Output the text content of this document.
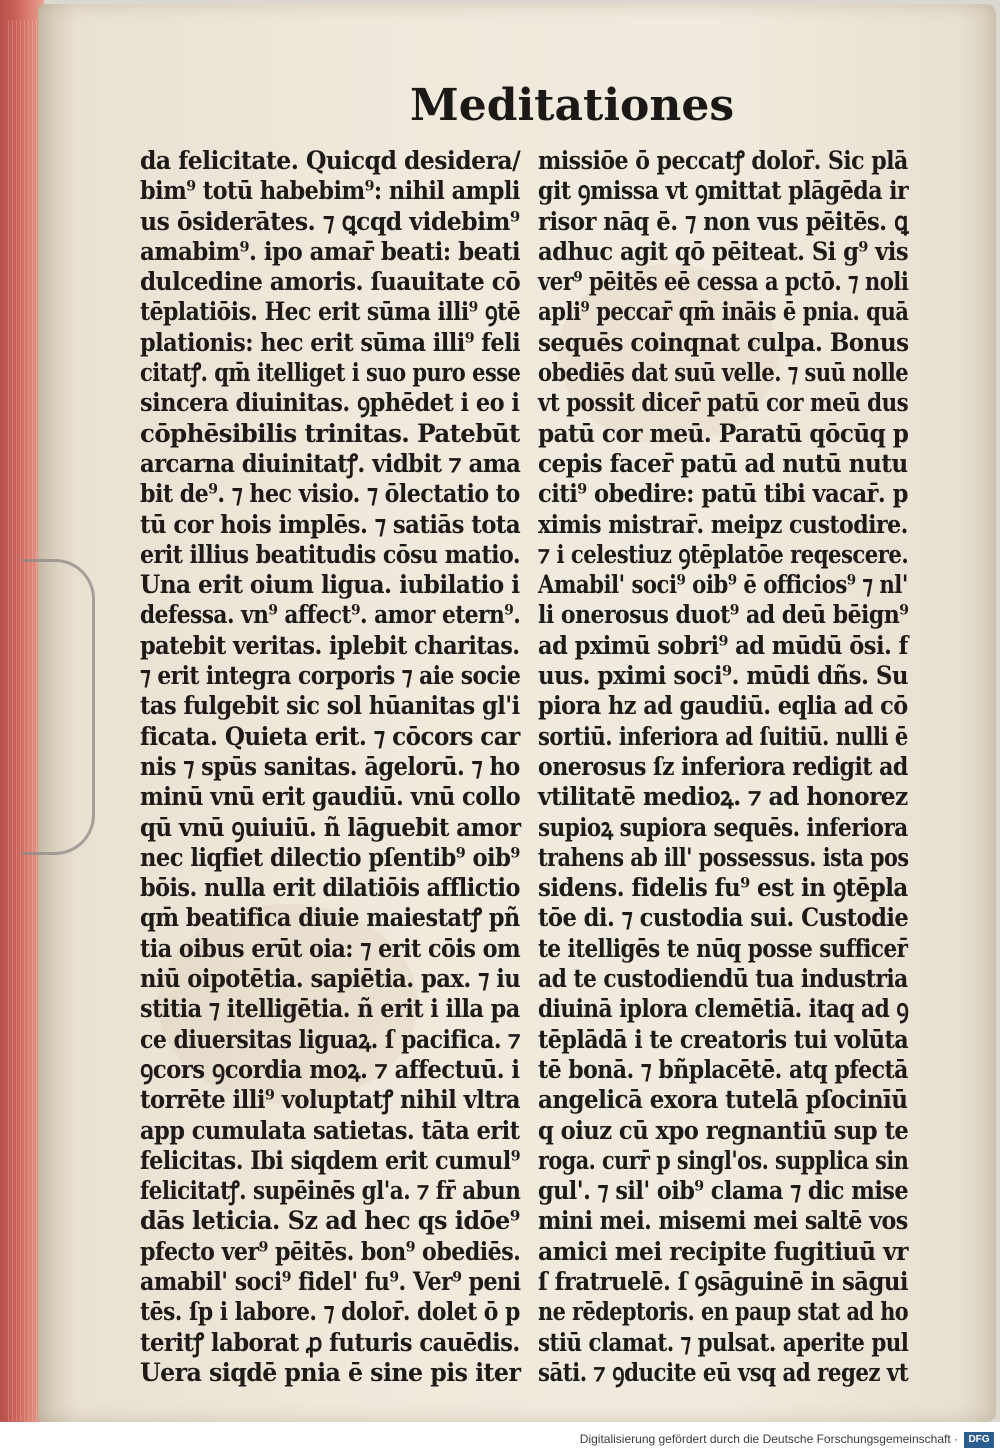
Meditationes
da felicitate. Quicqd desidera/
bim⁹ totū habebim⁹: nihil ampli
us ōsiderātes. ⁊ ꝗcqd videbim⁹
amabim⁹. ipo amar̄ beati: beati
dulcedine amoris. ſuauitate cō
tēplatiōis. Hec erit sūma illi⁹ ꝯtē
plationis: hec erit sūma illi⁹ feli
citatꝭ. qm̄ itelliget i suo puro esse
sincera diuinitas. ꝯphēdet i eo i
cōphēsibilis trinitas. Patebūt
arcarna diuinitatꝭ. vidbit ⁊ ama
bit de⁹. ⁊ hec visio. ⁊ ōlectatio to
tū cor hois implēs. ⁊ satiās tota
erit illius beatitudis cōsu matio.
Una erit oium ligua. iubilatio i
defessa. vn⁹ affect⁹. amor etern⁹.
patebit veritas. iplebit charitas.
⁊ erit integra corporis ⁊ aie socie
tas fulgebit sic sol hūanitas gl'i
ficata. Quieta erit. ⁊ cōcors car
nis ⁊ spūs sanitas. āgelorū. ⁊ ho
minū vnū erit gaudiū. vnū collo
qū vnū ꝯuiuiū. ñ lāguebit amor
nec liqfiet dilectio pſentib⁹ oib⁹
bōis. nulla erit dilatiōis afflictio
qm̄ beatifica diuie maiestatꝭ pñ
tia oibus erūt oia: ⁊ erit cōis om
niū oipotētia. sapiētia. pax. ⁊ iu
stitia ⁊ itelligētia. ñ erit i illa pa
ce diuersitas liguaꝝ. ſ pacifica. ⁊
ꝯcors ꝯcordia moꝝ. ⁊ affectuū. i
torrēte illi⁹ voluptatꝭ nihil vltra
app cumulata satietas. tāta erit
felicitas. Ibi siqdem erit cumul⁹
felicitatꝭ. supēinēs gl'a. ⁊ fr̄ abun
dās leticia. Sz ad hec qs idōe⁹
pfecto ver⁹ pēitēs. bon⁹ obediēs.
amabil' soci⁹ fidel' fu⁹. Ver⁹ peni
tēs. ſp i labore. ⁊ dolor̄. dolet ō p
teritꝭ laborat ꝓ futuris cauēdis.
Uera siqdē pnia ē sine pis iter
missiōe ō peccatꝭ dolor̄. Sic plā
git ꝯmissa vt ꝯmittat plāgēda ir
risor nāq ē. ⁊ non vus pēitēs. ꝗ
adhuc agit qō pēiteat. Si g⁹ vis
ver⁹ pēitēs eē cessa a pctō. ⁊ noli
apli⁹ peccar̄ qm̄ ināis ē pnia. quā
sequēs coinqnat culpa. Bonus
obediēs dat suū velle. ⁊ suū nolle
vt possit dicer̄ patū cor meū dus
patū cor meū. Paratū qōcūq p
cepis facer̄ patū ad nutū nutu
citi⁹ obedire: patū tibi vacar̄. p
ximis mistrar̄. meipz custodire.
⁊ i celestiuz ꝯtēplatōe reqescere.
Amabil' soci⁹ oib⁹ ē officios⁹ ⁊ nl'
li onerosus duot⁹ ad deū bēign⁹
ad pximū sobri⁹ ad mūdū ōsi. f
uus. pximi soci⁹. mūdi dñs. Su
piora hz ad gaudiū. eqlia ad cō
sortiū. inferiora ad ſuitiū. nulli ē
onerosus ſz inferiora redigit ad
vtilitatē medioꝝ. ⁊ ad honorez
supioꝝ supiora sequēs. inferiora
trahens ab ill' possessus. ista pos
sidens. fidelis fu⁹ est in ꝯtēpla
tōe di. ⁊ custodia sui. Custodie
te itelligēs te nūq posse sufficer̄
ad te custodiendū tua industria
diuinā iplora clemētiā. itaq ad ꝯ
tēplādā i te creatoris tui volūta
tē bonā. ⁊ bñplacētē. atq pfectā
angelicā exora tutelā pſocinīū
q oiuz cū xpo regnantiū sup te
roga. curr̄ p singl'os. supplica sin
gul'. ⁊ sil' oib⁹ clama ⁊ dic mise
mini mei. misemi mei saltē vos
amici mei recipite fugitiuū vr
ſ fratruelē. ſ ꝯsāguinē in sāgui
ne rēdeptoris. en paup stat ad ho
stiū clamat. ⁊ pulsat. aperite pul
sāti. ⁊ ꝯducite eū vsq ad regez vt
Digitalisierung gefördert durch die Deutsche Forschungsgemeinschaft ·	DFG
